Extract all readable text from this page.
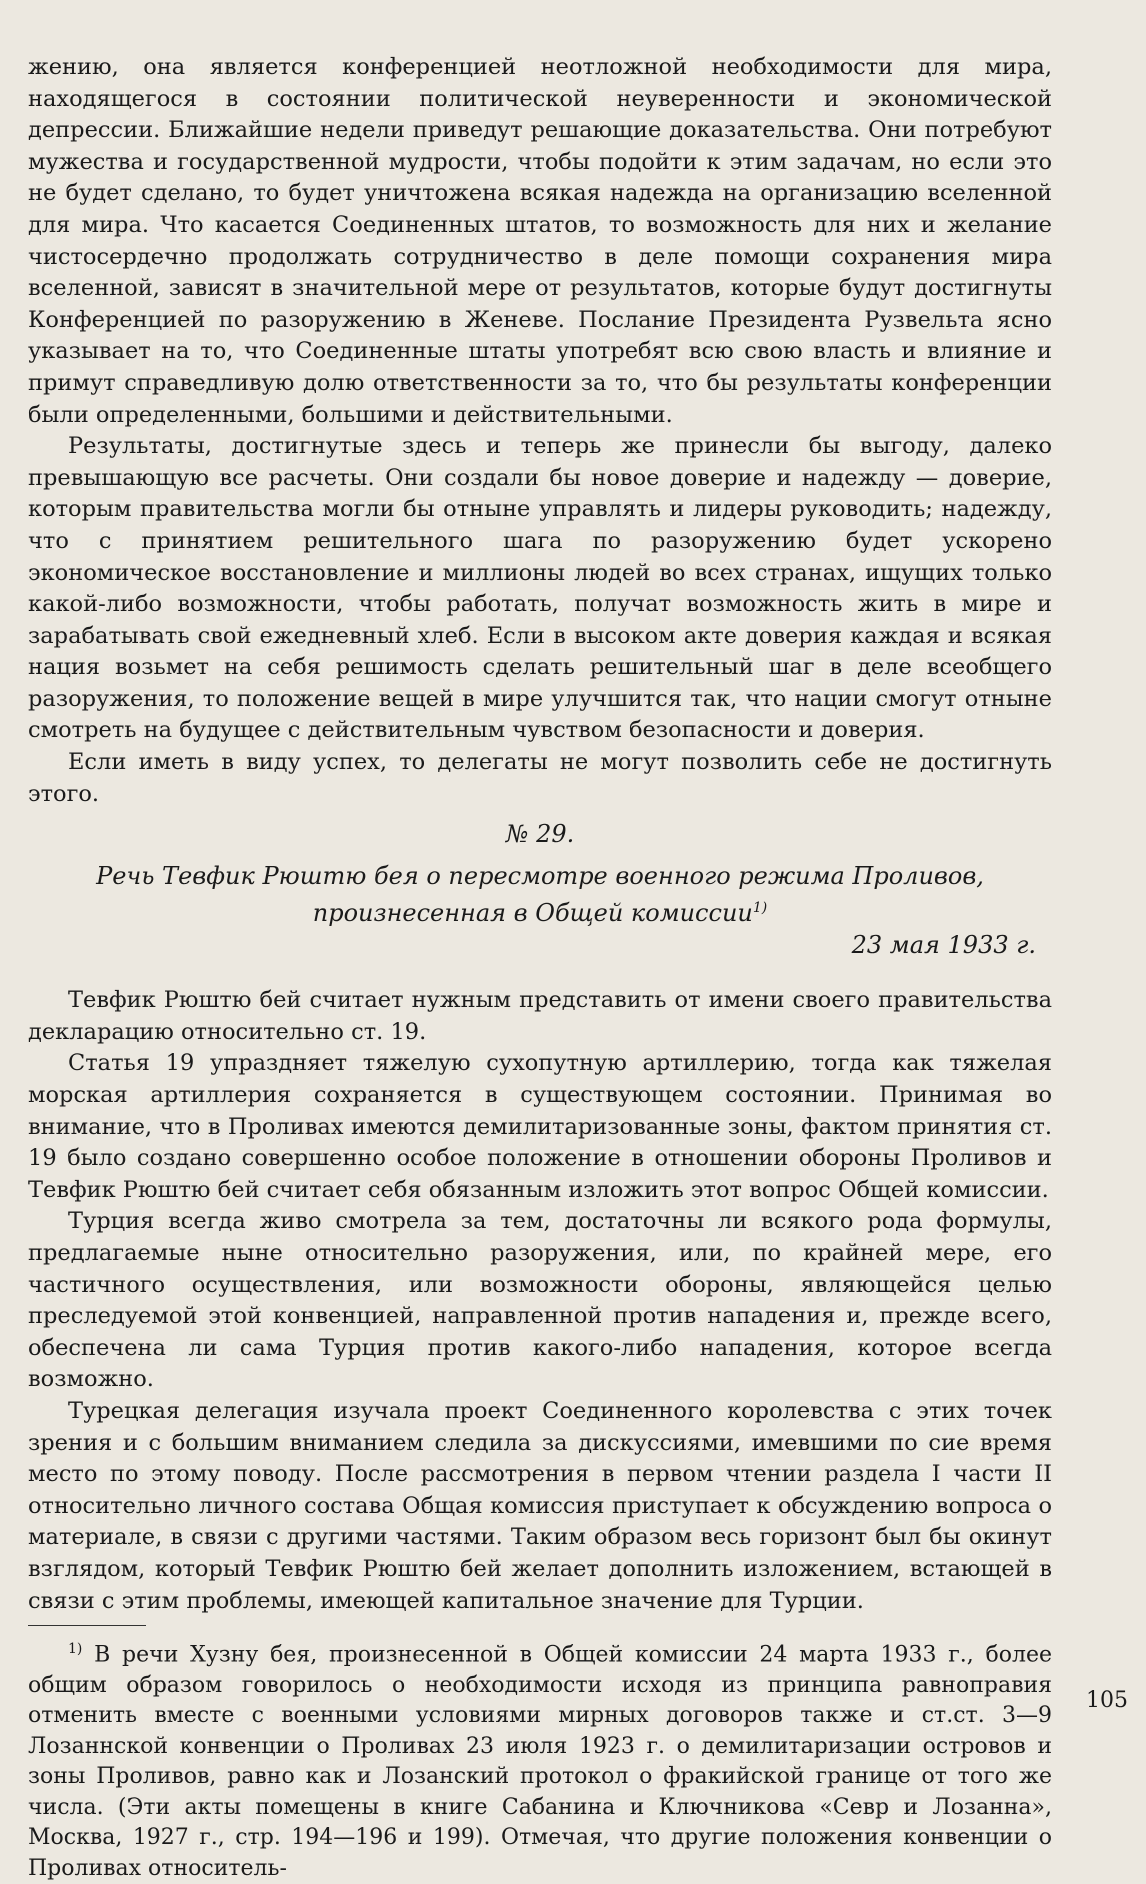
жению, она является конференцией неотложной необходимости для мира, находящегося в состоянии политической неуверенности и экономической депрессии. Ближайшие недели приведут решающие доказательства. Они потребуют мужества и государственной мудрости, чтобы подойти к этим задачам, но если это не будет сделано, то будет уничтожена всякая надежда на организацию вселенной для мира. Что касается Соединенных штатов, то возможность для них и желание чистосердечно продолжать сотрудничество в деле помощи сохранения мира вселенной, зависят в значительной мере от результатов, которые будут достигнуты Конференцией по разоружению в Женеве. Послание Президента Рузвельта ясно указывает на то, что Соединенные штаты употребят всю свою власть и влияние и примут справедливую долю ответственности за то, что бы результаты конференции были определенными, большими и действительными.

Результаты, достигнутые здесь и теперь же принесли бы выгоду, далеко превышающую все расчеты. Они создали бы новое доверие и надежду — доверие, которым правительства могли бы отныне управлять и лидеры руководить; надежду, что с принятием решительного шага по разоружению будет ускорено экономическое восстановление и миллионы людей во всех странах, ищущих только какой-либо возможности, чтобы работать, получат возможность жить в мире и зарабатывать свой ежедневный хлеб. Если в высоком акте доверия каждая и всякая нация возьмет на себя решимость сделать решительный шаг в деле всеобщего разоружения, то положение вещей в мире улучшится так, что нации смогут отныне смотреть на будущее с действительным чувством безопасности и доверия.

Если иметь в виду успех, то делегаты не могут позволить себе не достигнуть этого.

№ 29.

Речь Тевфик Рюштю бея о пересмотре военного режима Проливов, произнесенная в Общей комиссии$^{1)}$

23 мая 1933 г.

Тевфик Рюштю бей считает нужным представить от имени своего правительства декларацию относительно ст. 19.

Статья 19 упраздняет тяжелую сухопутную артиллерию, тогда как тяжелая морская артиллерия сохраняется в существующем состоянии. Принимая во внимание, что в Проливах имеются демилитаризованные зоны, фактом принятия ст. 19 было создано совершенно особое положение в отношении обороны Проливов и Тевфик Рюштю бей считает себя обязанным изложить этот вопрос Общей комиссии.

Турция всегда живо смотрела за тем, достаточны ли всякого рода формулы, предлагаемые ныне относительно разоружения, или, по крайней мере, его частичного осуществления, или возможности обороны, являющейся целью преследуемой этой конвенцией, направленной против нападения и, прежде всего, обеспечена ли сама Турция против какого-либо нападения, которое всегда возможно.

Турецкая делегация изучала проект Соединенного королевства с этих точек зрения и с большим вниманием следила за дискуссиями, имевшими по сие время место по этому поводу. После рассмотрения в первом чтении раздела I части II относительно личного состава Общая комиссия приступает к обсуждению вопроса о материале, в связи с другими частями. Таким образом весь горизонт был бы окинут взглядом, который Тевфик Рюштю бей желает дополнить изложением, встающей в связи с этим проблемы, имеющей капитальное значение для Турции.

$^{1)}$ В речи Хузну бея, произнесенной в Общей комиссии 24 марта 1933 г., более общим образом говорилось о необходимости исходя из принципа равноправия отменить вместе с военными условиями мирных договоров также и ст.ст. 3—9 Лозаннской конвенции о Проливах 23 июля 1923 г. о демилитаризации островов и зоны Проливов, равно как и Лозанский протокол о фракийской границе от того же числа. (Эти акты помещены в книге Сабанина и Ключникова «Севр и Лозанна», Москва, 1927 г., стр. 194—196 и 199). Отмечая, что другие положения конвенции о Проливах относитель-

105
